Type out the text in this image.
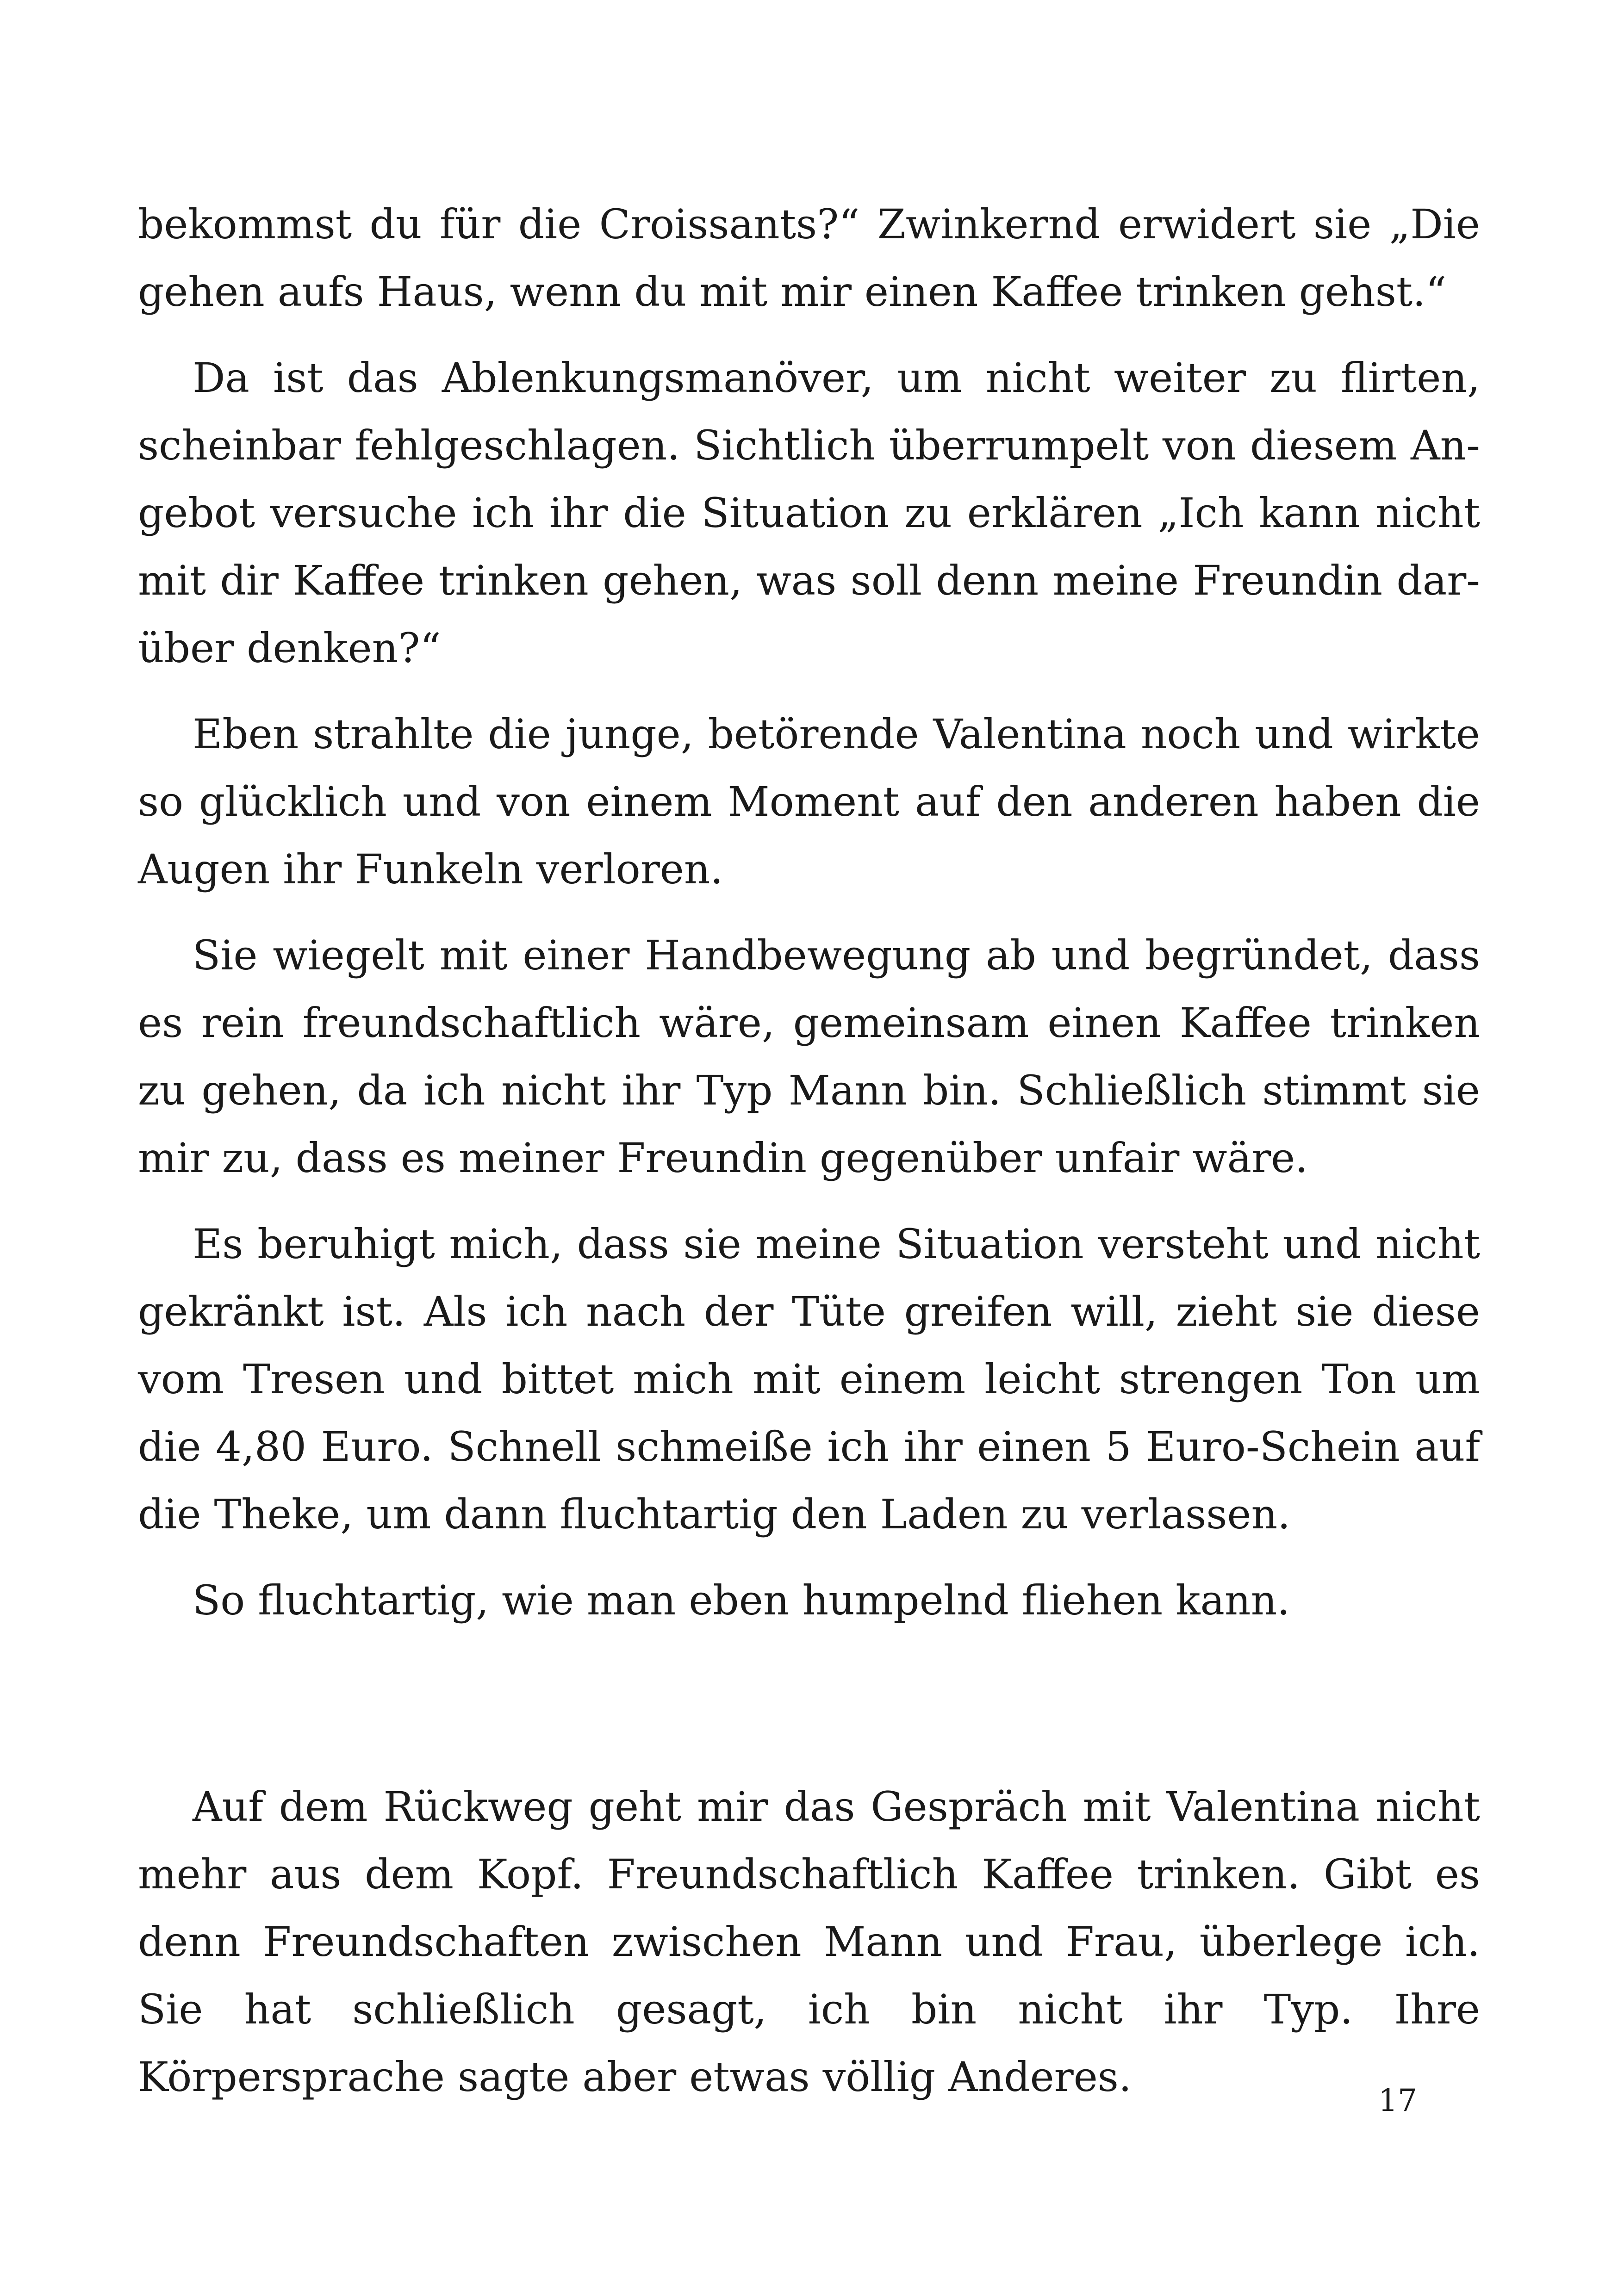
bekommst du für die Croissants?“ Zwinkernd erwidert sie „Die gehen aufs Haus, wenn du mit mir einen Kaffee trinken gehst.“

Da ist das Ablenkungsmanöver, um nicht weiter zu flirten, scheinbar fehlgeschlagen. Sichtlich überrumpelt von diesem Angebot versuche ich ihr die Situation zu erklären „Ich kann nicht mit dir Kaffee trinken gehen, was soll denn meine Freundin darüber denken?“

Eben strahlte die junge, betörende Valentina noch und wirkte so glücklich und von einem Moment auf den anderen haben die Augen ihr Funkeln verloren.

Sie wiegelt mit einer Handbewegung ab und begründet, dass es rein freundschaftlich wäre, gemeinsam einen Kaffee trinken zu gehen, da ich nicht ihr Typ Mann bin. Schließlich stimmt sie mir zu, dass es meiner Freundin gegenüber unfair wäre.

Es beruhigt mich, dass sie meine Situation versteht und nicht gekränkt ist. Als ich nach der Tüte greifen will, zieht sie diese vom Tresen und bittet mich mit einem leicht strengen Ton um die 4,80 Euro. Schnell schmeiße ich ihr einen 5 Euro-Schein auf die Theke, um dann fluchtartig den Laden zu verlassen.

So fluchtartig, wie man eben humpelnd fliehen kann.

Auf dem Rückweg geht mir das Gespräch mit Valentina nicht mehr aus dem Kopf. Freundschaftlich Kaffee trinken. Gibt es denn Freundschaften zwischen Mann und Frau, überlege ich. Sie hat schließlich gesagt, ich bin nicht ihr Typ. Ihre Körpersprache sagte aber etwas völlig Anderes.	17
